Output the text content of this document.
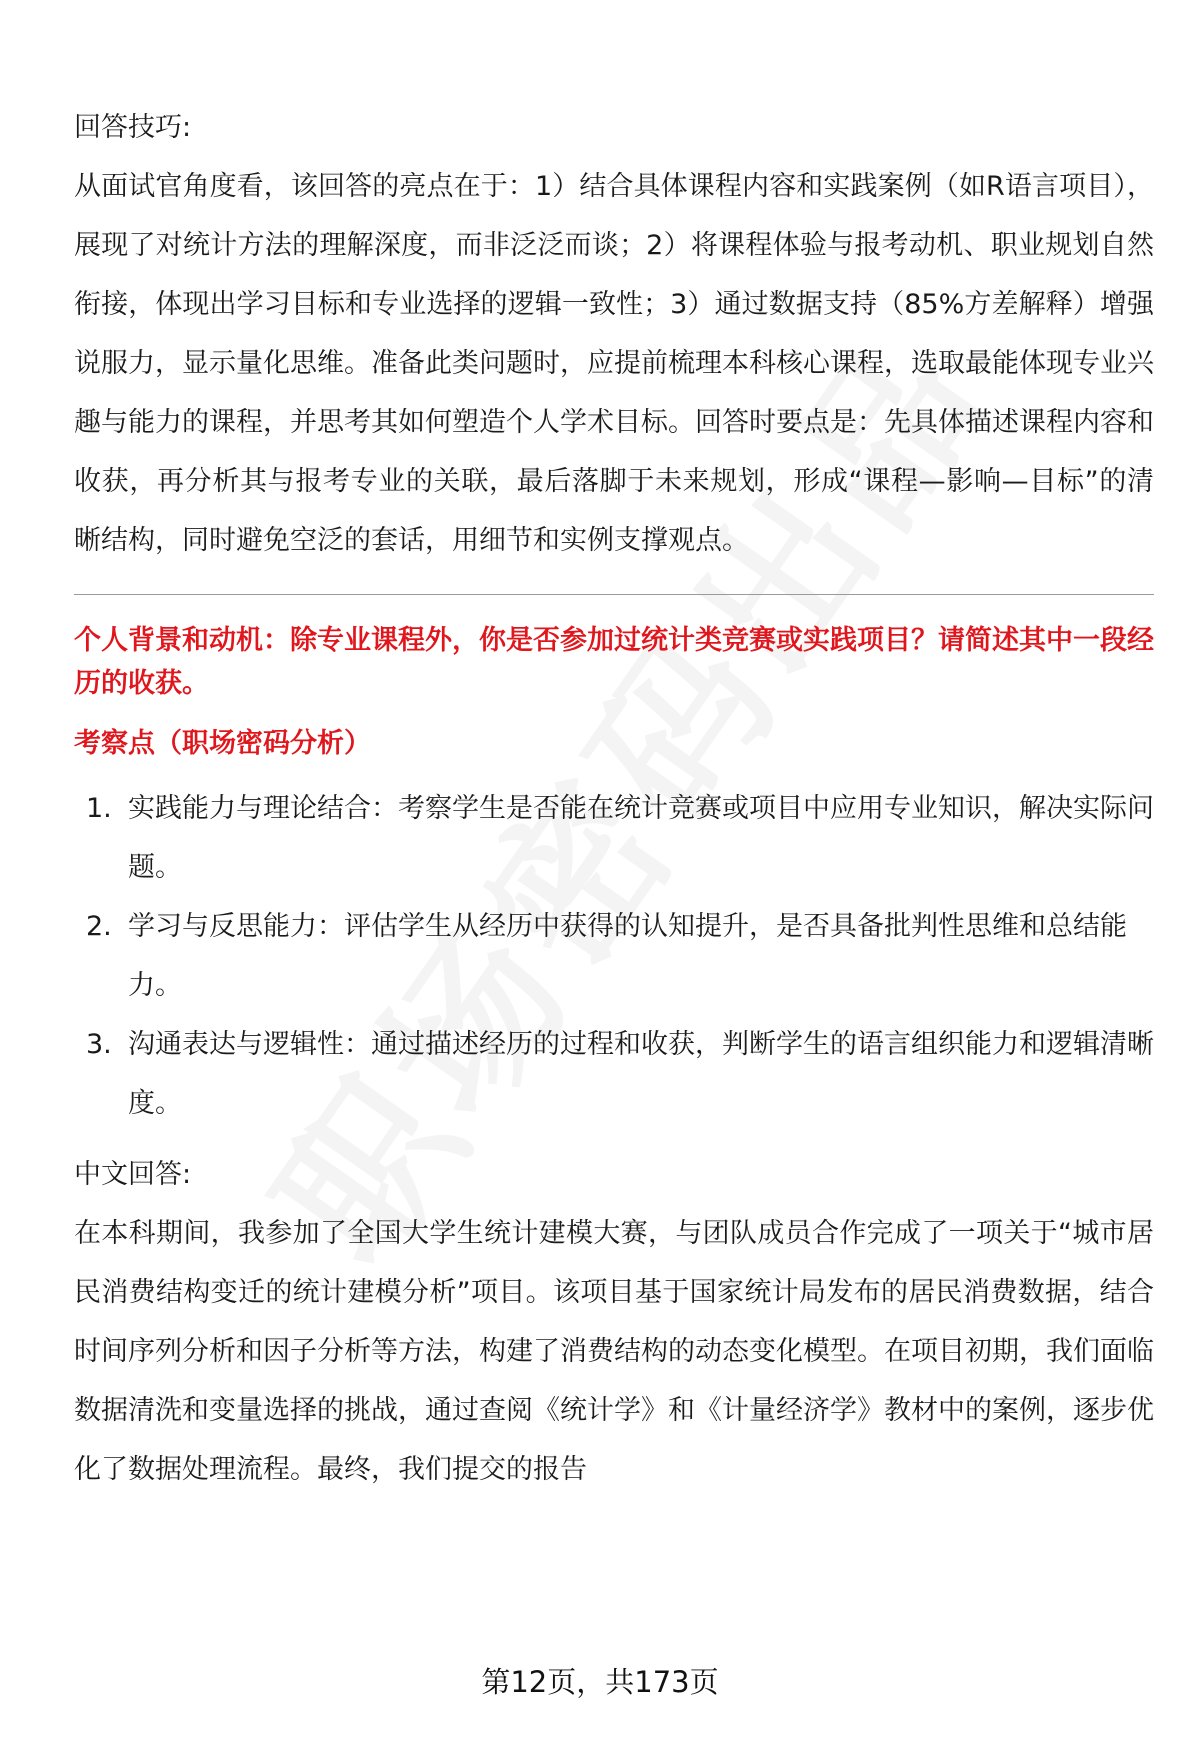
回答技巧:

从面试官角度看，该回答的亮点在于：1）结合具体课程内容和实践案例（如R语言项目），展现了对统计方法的理解深度，而非泛泛而谈；2）将课程体验与报考动机、职业规划自然衔接，体现出学习目标和专业选择的逻辑一致性；3）通过数据支持（85%方差解释）增强说服力，显示量化思维。准备此类问题时，应提前梳理本科核心课程，选取最能体现专业兴趣与能力的课程，并思考其如何塑造个人学术目标。回答时要点是：先具体描述课程内容和收获，再分析其与报考专业的关联，最后落脚于未来规划，形成“课程—影响—目标”的清晰结构，同时避免空泛的套话，用细节和实例支撑观点。

个人背景和动机：除专业课程外，你是否参加过统计类竞赛或实践项目？请简述其中一段经历的收获。

考察点（职场密码分析）

1. 实践能力与理论结合：考察学生是否能在统计竞赛或项目中应用专业知识，解决实际问题。
2. 学习与反思能力：评估学生从经历中获得的认知提升，是否具备批判性思维和总结能力。
3. 沟通表达与逻辑性：通过描述经历的过程和收获，判断学生的语言组织能力和逻辑清晰度。

中文回答:

在本科期间，我参加了全国大学生统计建模大赛，与团队成员合作完成了一项关于“城市居民消费结构变迁的统计建模分析”项目。该项目基于国家统计局发布的居民消费数据，结合时间序列分析和因子分析等方法，构建了消费结构的动态变化模型。在项目初期，我们面临数据清洗和变量选择的挑战，通过查阅《统计学》和《计量经济学》教材中的案例，逐步优化了数据处理流程。最终，我们提交的报告

第12页，共173页
